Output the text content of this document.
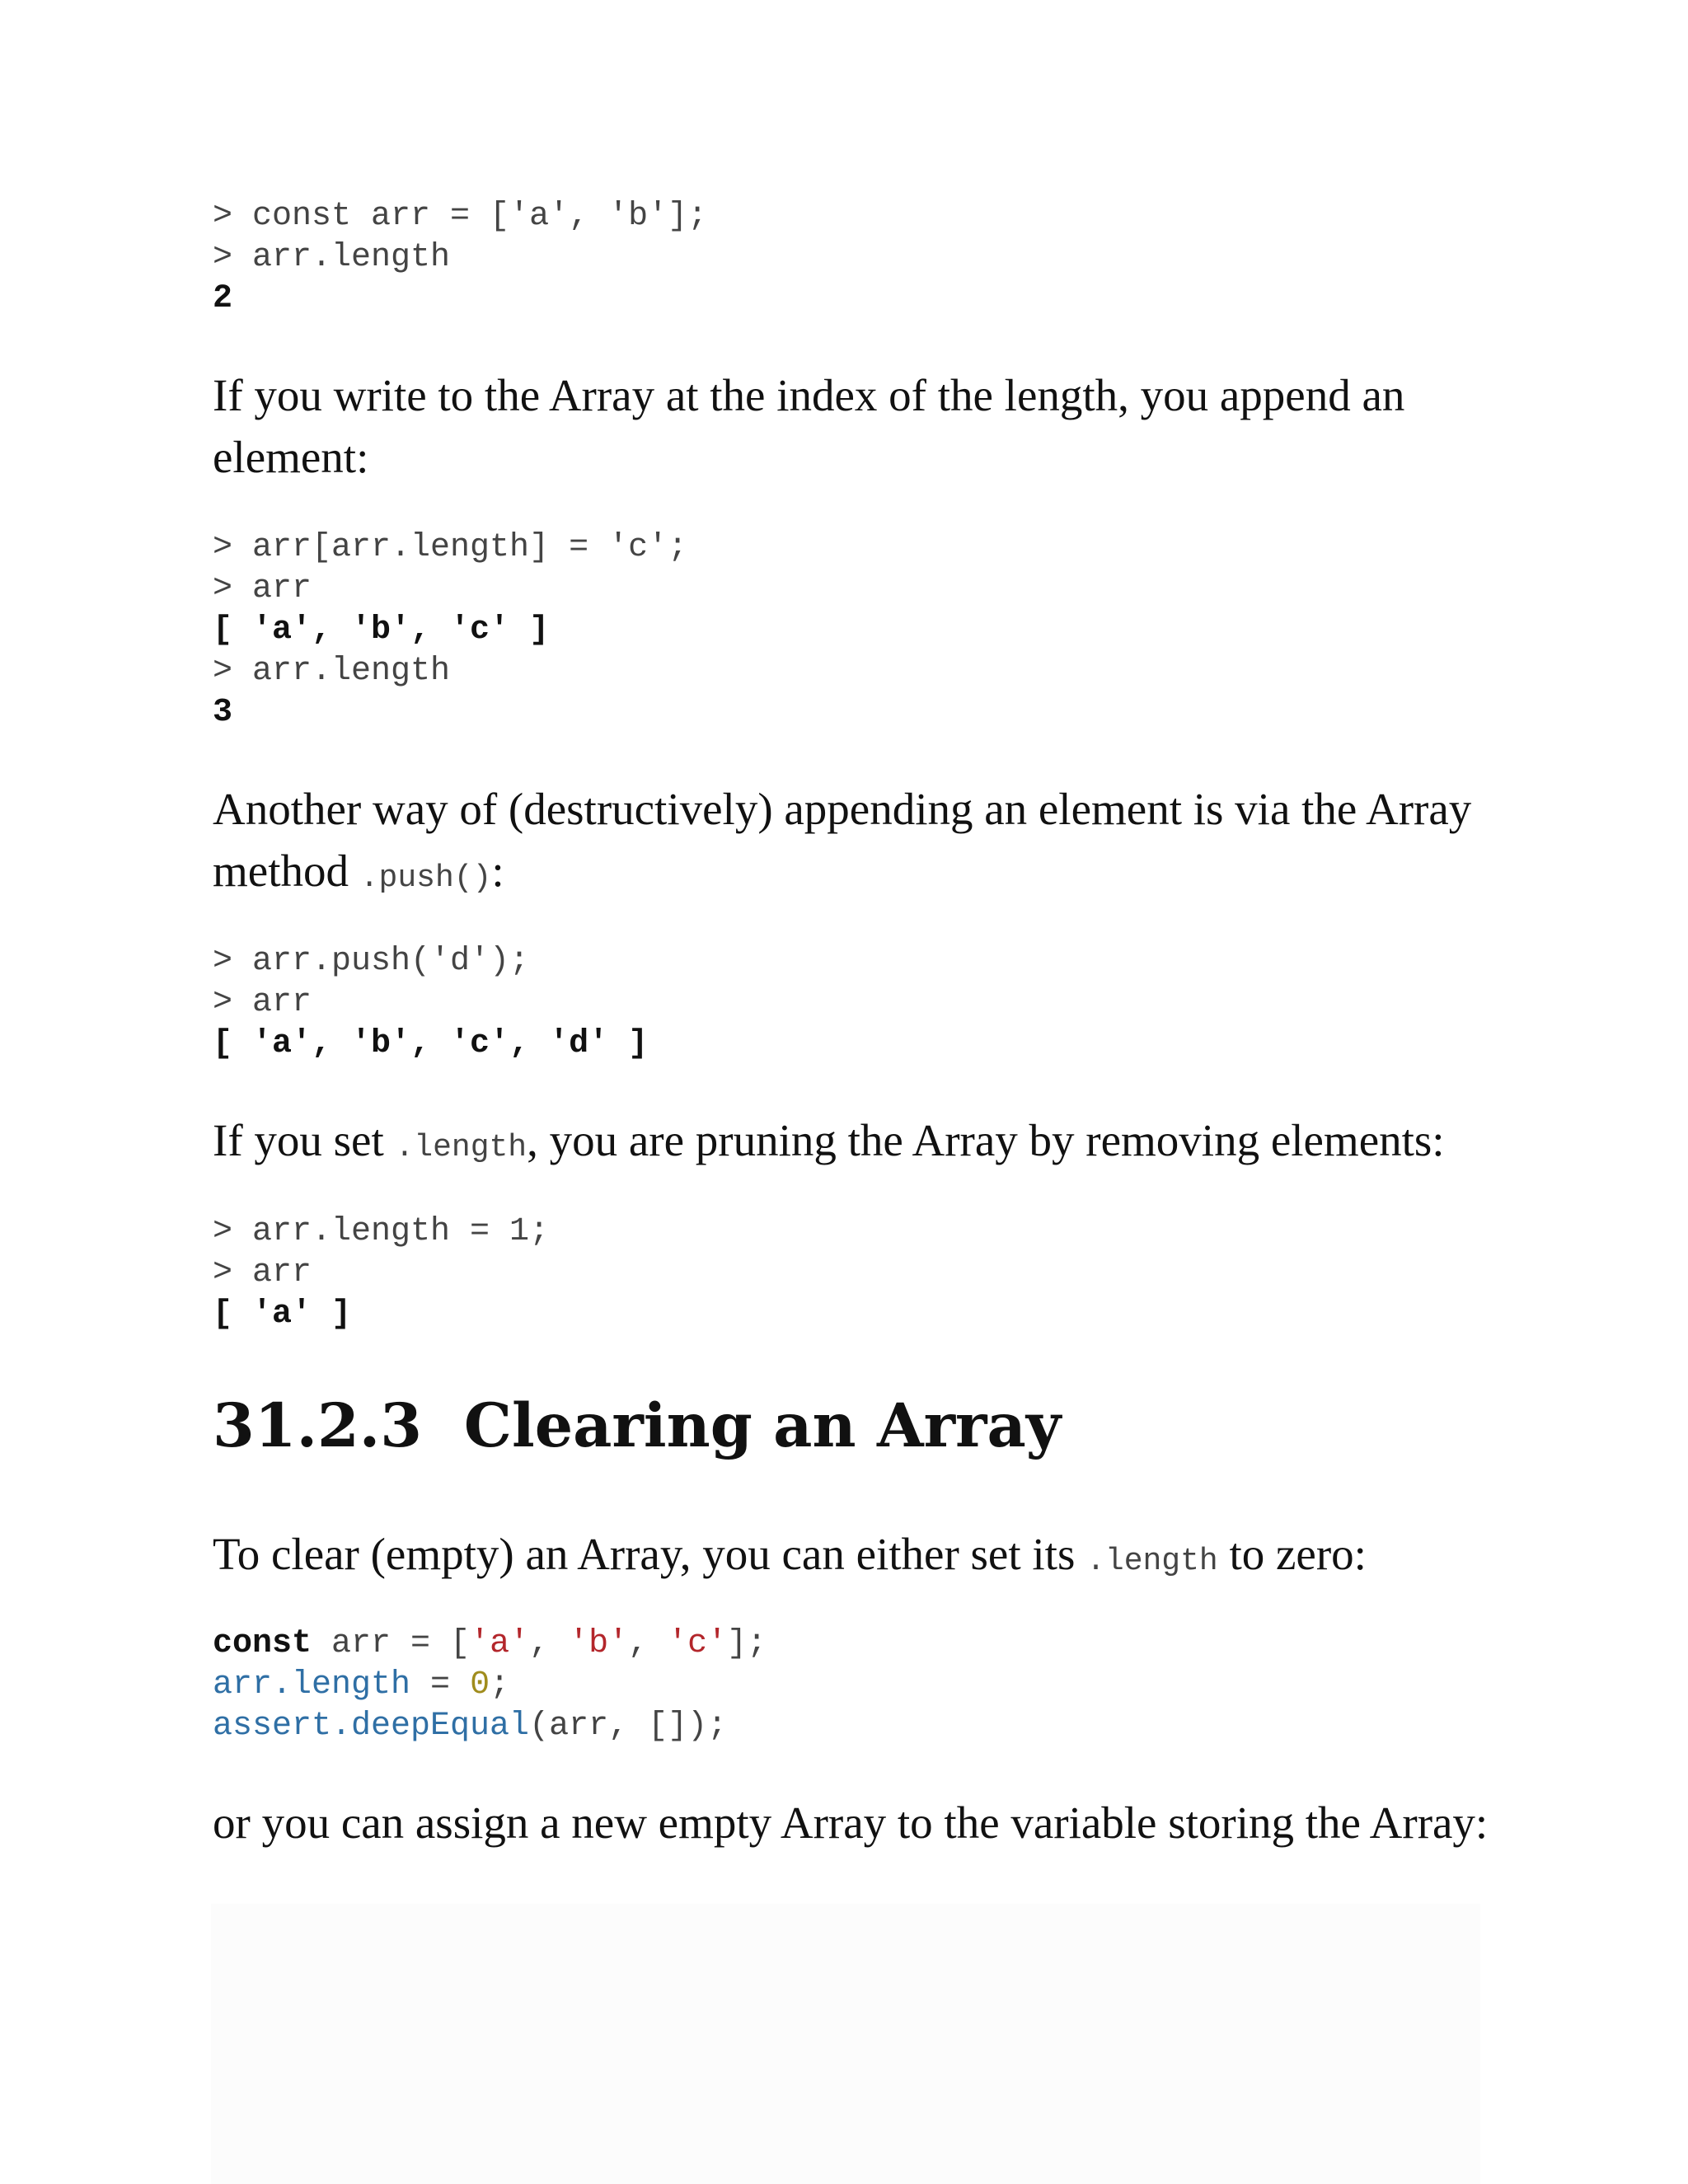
> const arr = ['a', 'b'];
> arr.length
2

If you write to the Array at the index of the length, you append an element:

> arr[arr.length] = 'c';
> arr
[ 'a', 'b', 'c' ]
> arr.length
3

Another way of (destructively) appending an element is via the Array method .push():

> arr.push('d');
> arr
[ 'a', 'b', 'c', 'd' ]

If you set .length, you are pruning the Array by removing elements:

> arr.length = 1;
> arr
[ 'a' ]
31.2.3 Clearing an Array

To clear (empty) an Array, you can either set its .length to zero:

const arr = ['a', 'b', 'c'];
arr.length = 0;
assert.deepEqual(arr, []);

or you can assign a new empty Array to the variable storing the Array:
